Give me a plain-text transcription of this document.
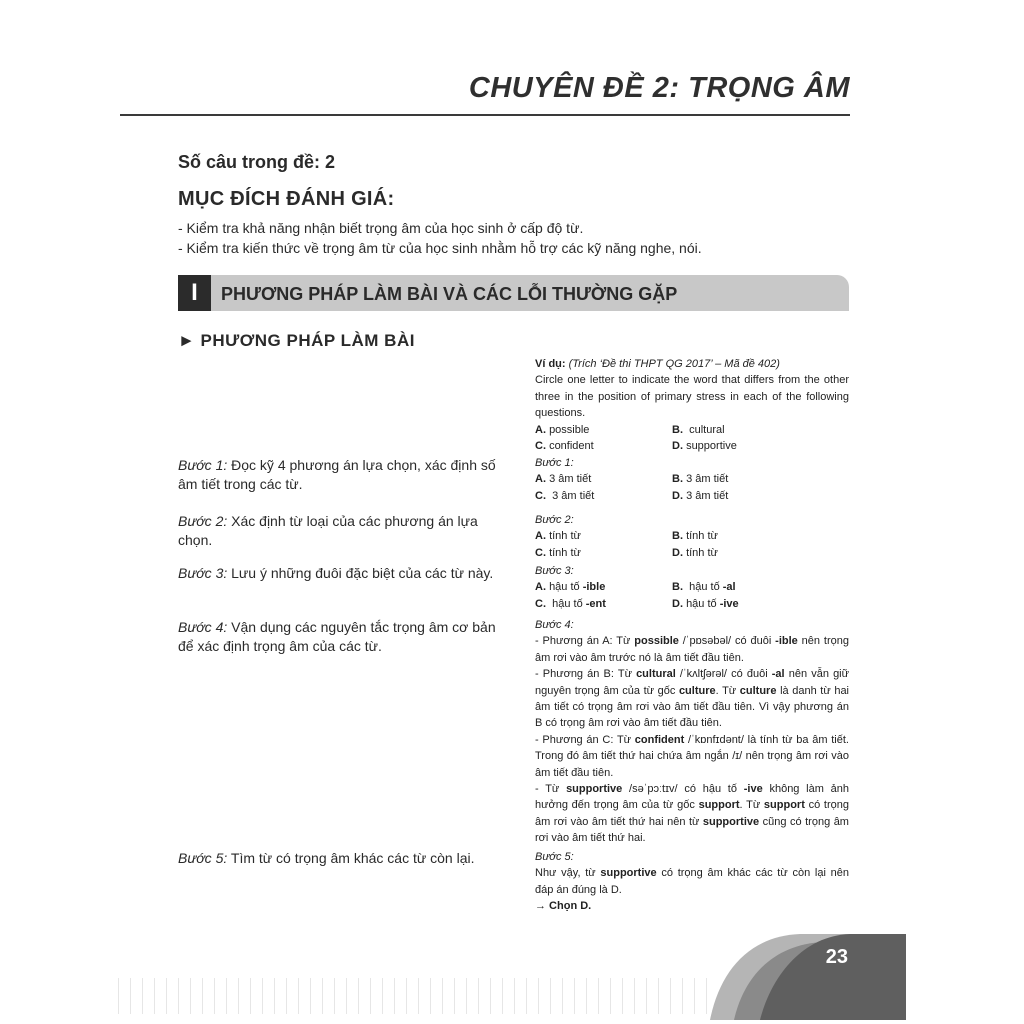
CHUYÊN ĐỀ 2: TRỌNG ÂM
Số câu trong đề: 2
MỤC ĐÍCH ĐÁNH GIÁ:
- Kiểm tra khả năng nhận biết trọng âm của học sinh ở cấp độ từ.
- Kiểm tra kiến thức về trọng âm từ của học sinh nhằm hỗ trợ các kỹ năng nghe, nói.
I	PHƯƠNG PHÁP LÀM BÀI VÀ CÁC LỖI THƯỜNG GẶP
► PHƯƠNG PHÁP LÀM BÀI
Bước 1: Đọc kỹ 4 phương án lựa chọn, xác định số âm tiết trong các từ.
Bước 2: Xác định từ loại của các phương án lựa chọn.
Bước 3: Lưu ý những đuôi đặc biệt của các từ này.
Bước 4: Vận dụng các nguyên tắc trọng âm cơ bản để xác định trọng âm của các từ.
Bước 5: Tìm từ có trọng âm khác các từ còn lại.
Ví dụ: (Trích ‘Đề thi THPT QG 2017’ – Mã đề 402)
Circle one letter to indicate the word that differs from the other
three in the position of primary stress in each of the following
questions.
A. possible	B. cultural
C. confident	D. supportive
Bước 1:
A. 3 âm tiết	B. 3 âm tiết
C. 3 âm tiết	D. 3 âm tiết
Bước 2:
A. tính từ	B. tính từ
C. tính từ	D. tính từ
Bước 3:
A. hậu tố -ible	B. hậu tố -al
C. hậu tố -ent	D. hậu tố -ive
Bước 4:
- Phương án A: Từ possible /ˈpɒsəbəl/ có đuôi -ible nên trọng
âm rơi vào âm trước nó là âm tiết đầu tiên.
- Phương án B: Từ cultural /ˈkʌltʃərəl/ có đuôi -al nên vẫn giữ
nguyên trọng âm của từ gốc culture. Từ culture là danh từ hai
âm tiết có trọng âm rơi vào âm tiết đầu tiên. Vì vậy phương án
B có trọng âm rơi vào âm tiết đầu tiên.
- Phương án C: Từ confident /ˈkɒnfɪdənt/ là tính từ ba âm tiết.
Trong đó âm tiết thứ hai chứa âm ngắn /ɪ/ nên trọng âm rơi vào
âm tiết đầu tiên.
- Từ supportive /səˈpɔːtɪv/ có hậu tố -ive không làm ảnh
hưởng đến trọng âm của từ gốc support. Từ support có trọng
âm rơi vào âm tiết thứ hai nên từ supportive cũng có trọng âm
rơi vào âm tiết thứ hai.
Bước 5:
Như vậy, từ supportive có trọng âm khác các từ còn lại nên
đáp án đúng là D.
→ Chọn D.
23
